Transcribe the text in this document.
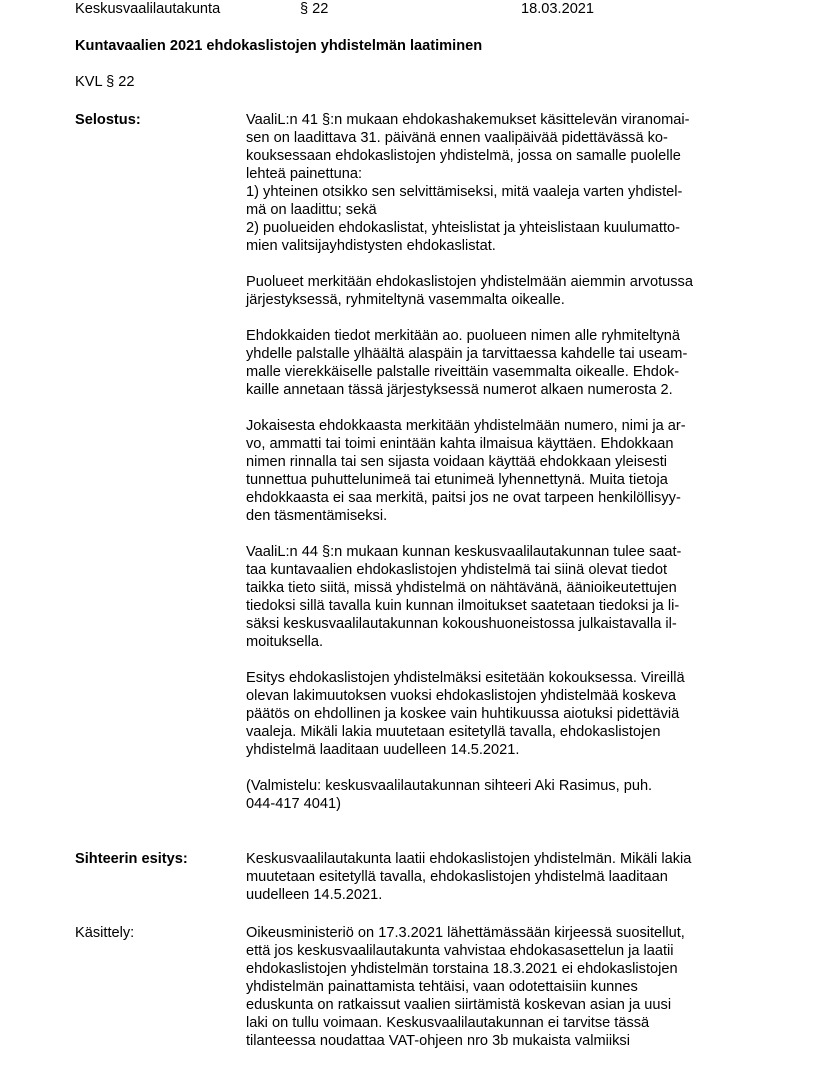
Keskusvaalilautakunta	§ 22	18.03.2021
Kuntavaalien 2021 ehdokaslistojen yhdistelmän laatiminen
KVL § 22
Selostus:	VaaliL:n 41 §:n mukaan ehdokashakemukset käsittelevän viranomai-
sen on laadittava 31. päivänä ennen vaalipäivää pidettävässä ko-
kouksessaan ehdokaslistojen yhdistelmä, jossa on samalle puolelle
lehteä painettuna:
1) yhteinen otsikko sen selvittämiseksi, mitä vaaleja varten yhdistel-
mä on laadittu; sekä
2) puolueiden ehdokaslistat, yhteislistat ja yhteislistaan kuulumatto-
mien valitsijayhdistysten ehdokaslistat.
Puolueet merkitään ehdokaslistojen yhdistelmään aiemmin arvotussa
järjestyksessä, ryhmiteltynä vasemmalta oikealle.
Ehdokkaiden tiedot merkitään ao. puolueen nimen alle ryhmiteltynä
yhdelle palstalle ylhäältä alaspäin ja tarvittaessa kahdelle tai useam-
malle vierekkäiselle palstalle riveittäin vasemmalta oikealle. Ehdok-
kaille annetaan tässä järjestyksessä numerot alkaen numerosta 2.
Jokaisesta ehdokkaasta merkitään yhdistelmään numero, nimi ja ar-
vo, ammatti tai toimi enintään kahta ilmaisua käyttäen. Ehdokkaan
nimen rinnalla tai sen sijasta voidaan käyttää ehdokkaan yleisesti
tunnettua puhuttelunimeä tai etunimeä lyhennettynä. Muita tietoja
ehdokkaasta ei saa merkitä, paitsi jos ne ovat tarpeen henkilöllisyy-
den täsmentämiseksi.
VaaliL:n 44 §:n mukaan kunnan keskusvaalilautakunnan tulee saat-
taa kuntavaalien ehdokaslistojen yhdistelmä tai siinä olevat tiedot
taikka tieto siitä, missä yhdistelmä on nähtävänä, äänioikeutettujen
tiedoksi sillä tavalla kuin kunnan ilmoitukset saatetaan tiedoksi ja li-
säksi keskusvaalilautakunnan kokoushuoneistossa julkaistavalla il-
moituksella.
Esitys ehdokaslistojen yhdistelmäksi esitetään kokouksessa. Vireillä
olevan lakimuutoksen vuoksi ehdokaslistojen yhdistelmää koskeva
päätös on ehdollinen ja koskee vain huhtikuussa aiotuksi pidettäviä
vaaleja. Mikäli lakia muutetaan esitetyllä tavalla, ehdokaslistojen
yhdistelmä laaditaan uudelleen 14.5.2021.
(Valmistelu: keskusvaalilautakunnan sihteeri Aki Rasimus, puh.
044-417 4041)
Sihteerin esitys:	Keskusvaalilautakunta laatii ehdokaslistojen yhdistelmän. Mikäli lakia
muutetaan esitetyllä tavalla, ehdokaslistojen yhdistelmä laaditaan
uudelleen 14.5.2021.
Käsittely:	Oikeusministeriö on 17.3.2021 lähettämässään kirjeessä suositellut,
että jos keskusvaalilautakunta vahvistaa ehdokasasettelun ja laatii
ehdokaslistojen yhdistelmän torstaina 18.3.2021 ei ehdokaslistojen
yhdistelmän painattamista tehtäisi, vaan odotettaisiin kunnes
eduskunta on ratkaissut vaalien siirtämistä koskevan asian ja uusi
laki on tullu voimaan. Keskusvaalilautakunnan ei tarvitse tässä
tilanteessa noudattaa VAT-ohjeen nro 3b mukaista valmiiksi
